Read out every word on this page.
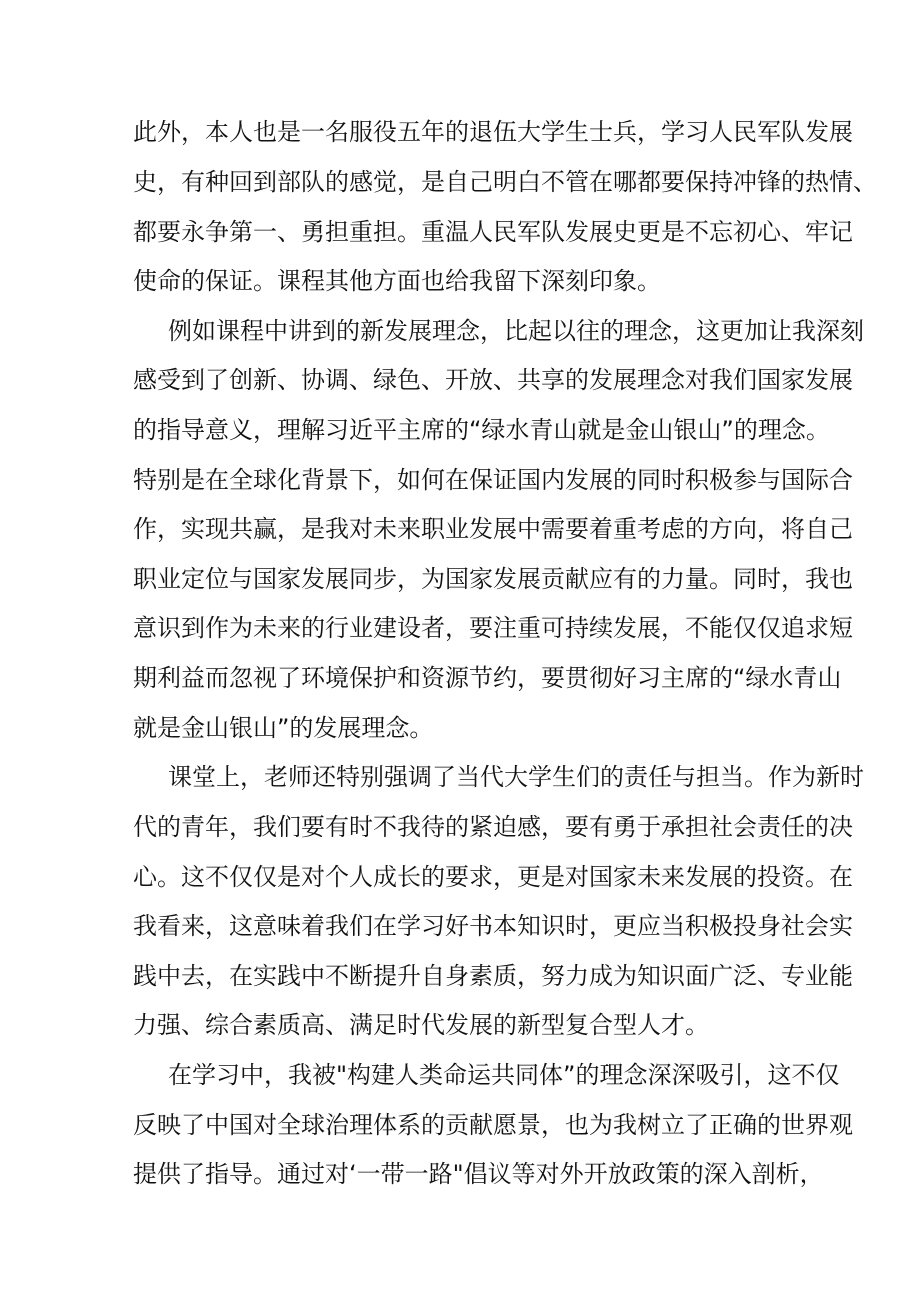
此外，本人也是一名服役五年的退伍大学生士兵，学习人民军队发展
史，有种回到部队的感觉，是自己明白不管在哪都要保持冲锋的热情、
都要永争第一、勇担重担。重温人民军队发展史更是不忘初心、牢记
使命的保证。课程其他方面也给我留下深刻印象。
例如课程中讲到的新发展理念，比起以往的理念，这更加让我深刻
感受到了创新、协调、绿色、开放、共享的发展理念对我们国家发展
的指导意义，理解习近平主席的“绿水青山就是金山银山”的理念。
特别是在全球化背景下，如何在保证国内发展的同时积极参与国际合
作，实现共赢，是我对未来职业发展中需要着重考虑的方向，将自己
职业定位与国家发展同步，为国家发展贡献应有的力量。同时，我也
意识到作为未来的行业建设者，要注重可持续发展，不能仅仅追求短
期利益而忽视了环境保护和资源节约，要贯彻好习主席的“绿水青山
就是金山银山”的发展理念。
课堂上，老师还特别强调了当代大学生们的责任与担当。作为新时
代的青年，我们要有时不我待的紧迫感，要有勇于承担社会责任的决
心。这不仅仅是对个人成长的要求，更是对国家未来发展的投资。在
我看来，这意味着我们在学习好书本知识时，更应当积极投身社会实
践中去，在实践中不断提升自身素质，努力成为知识面广泛、专业能
力强、综合素质高、满足时代发展的新型复合型人才。
在学习中，我被"构建人类命运共同体”的理念深深吸引，这不仅
反映了中国对全球治理体系的贡献愿景，也为我树立了正确的世界观
提供了指导。通过对‘一带一路"倡议等对外开放政策的深入剖析，
